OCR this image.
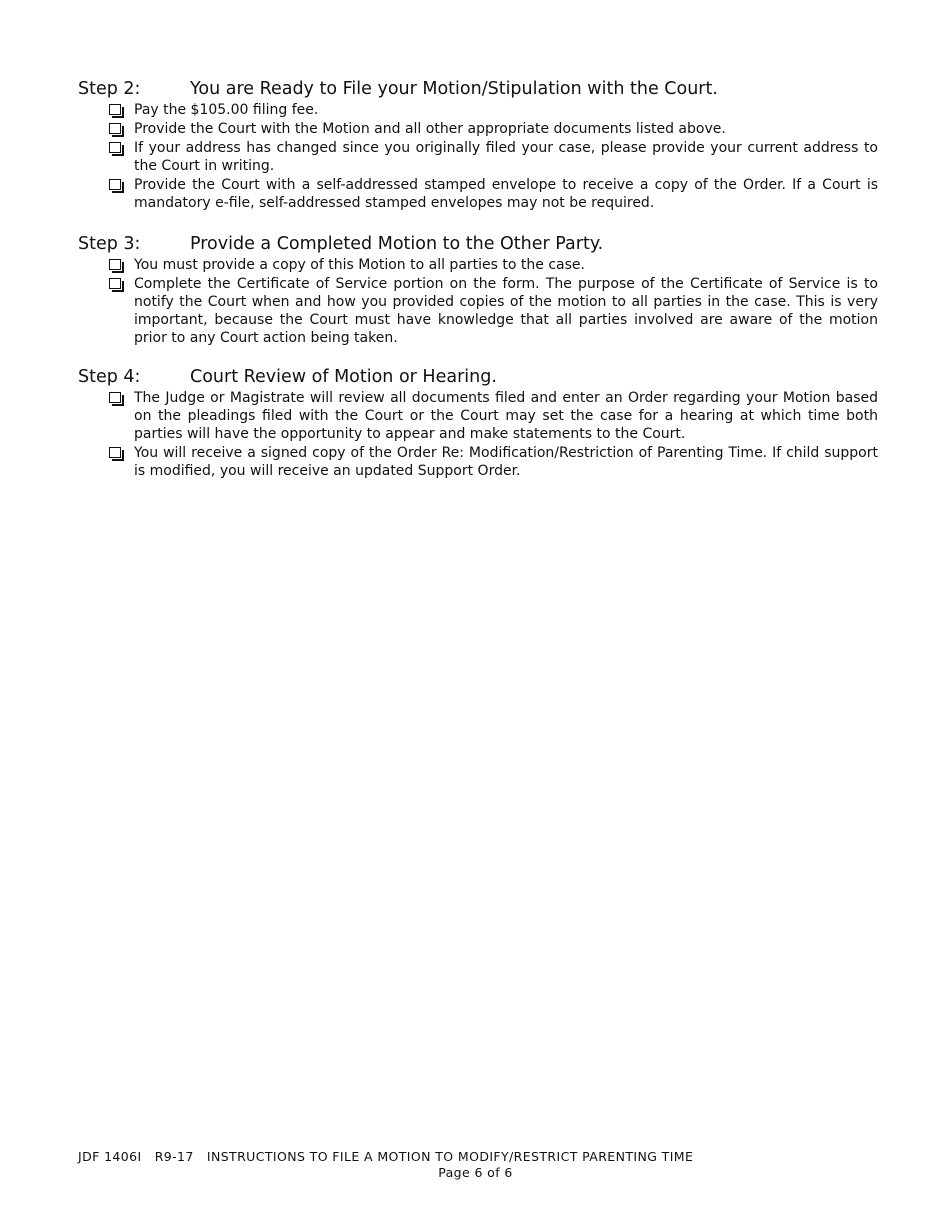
Step 2:	You are Ready to File your Motion/Stipulation with the Court.
Pay the $105.00 filing fee.
Provide the Court with the Motion and all other appropriate documents listed above.
If your address has changed since you originally filed your case, please provide your current address to the Court in writing.
Provide the Court with a self-addressed stamped envelope to receive a copy of the Order. If a Court is mandatory e-file, self-addressed stamped envelopes may not be required.
Step 3:	Provide a Completed Motion to the Other Party.
You must provide a copy of this Motion to all parties to the case.
Complete the Certificate of Service portion on the form. The purpose of the Certificate of Service is to notify the Court when and how you provided copies of the motion to all parties in the case. This is very important, because the Court must have knowledge that all parties involved are aware of the motion prior to any Court action being taken.
Step 4:	Court Review of Motion or Hearing.
The Judge or Magistrate will review all documents filed and enter an Order regarding your Motion based on the pleadings filed with the Court or the Court may set the case for a hearing at which time both parties will have the opportunity to appear and make statements to the Court.
You will receive a signed copy of the Order Re: Modification/Restriction of Parenting Time. If child support is modified, you will receive an updated Support Order.
JDF 1406I   R9-17   INSTRUCTIONS TO FILE A MOTION TO MODIFY/RESTRICT PARENTING TIME
Page 6 of 6
